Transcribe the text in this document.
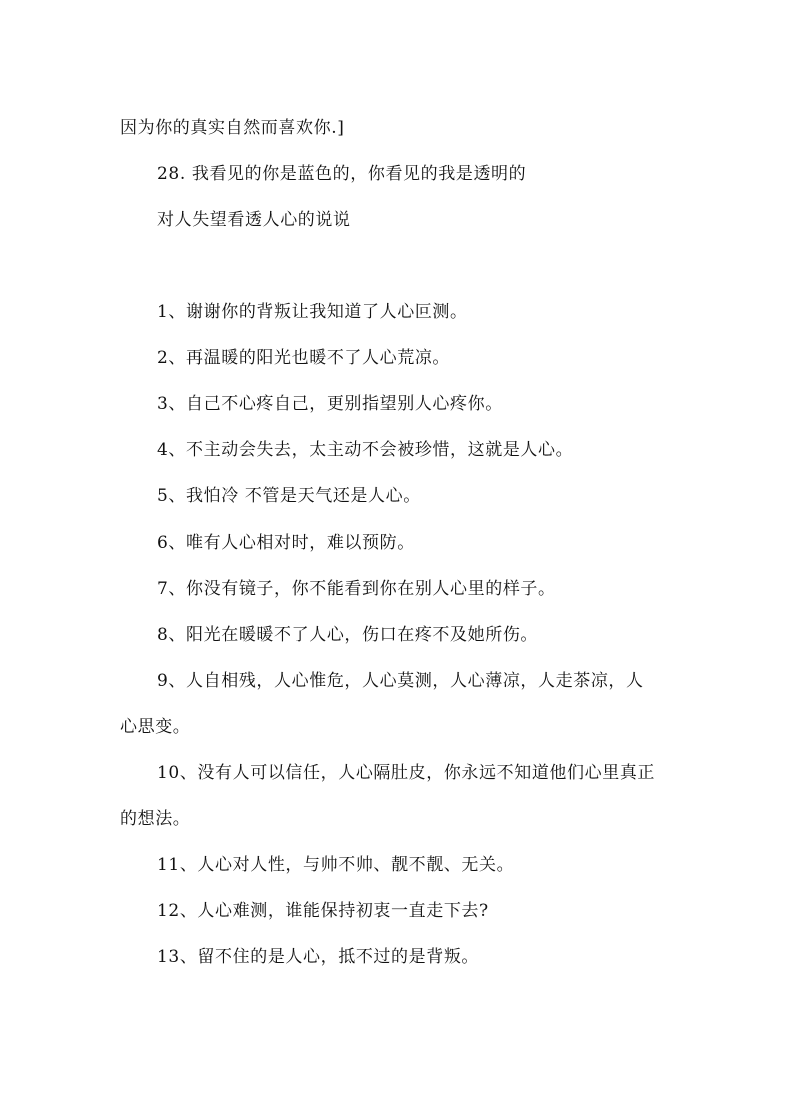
因为你的真实自然而喜欢你.]

28. 我看见的你是蓝色的，你看见的我是透明的

对人失望看透人心的说说

1、谢谢你的背叛让我知道了人心叵测。

2、再温暖的阳光也暖不了人心荒凉。

3、自己不心疼自己，更别指望别人心疼你。

4、不主动会失去，太主动不会被珍惜，这就是人心。

5、我怕冷 不管是天气还是人心。

6、唯有人心相对时，难以预防。

7、你没有镜子，你不能看到你在别人心里的样子。

8、阳光在暖暖不了人心，伤口在疼不及她所伤。

9、人自相残，人心惟危，人心莫测，人心薄凉，人走茶凉，人

心思变。

10、没有人可以信任，人心隔肚皮，你永远不知道他们心里真正

的想法。

11、人心对人性，与帅不帅、靓不靓、无关。

12、人心难测，谁能保持初衷一直走下去?

13、留不住的是人心，抵不过的是背叛。
